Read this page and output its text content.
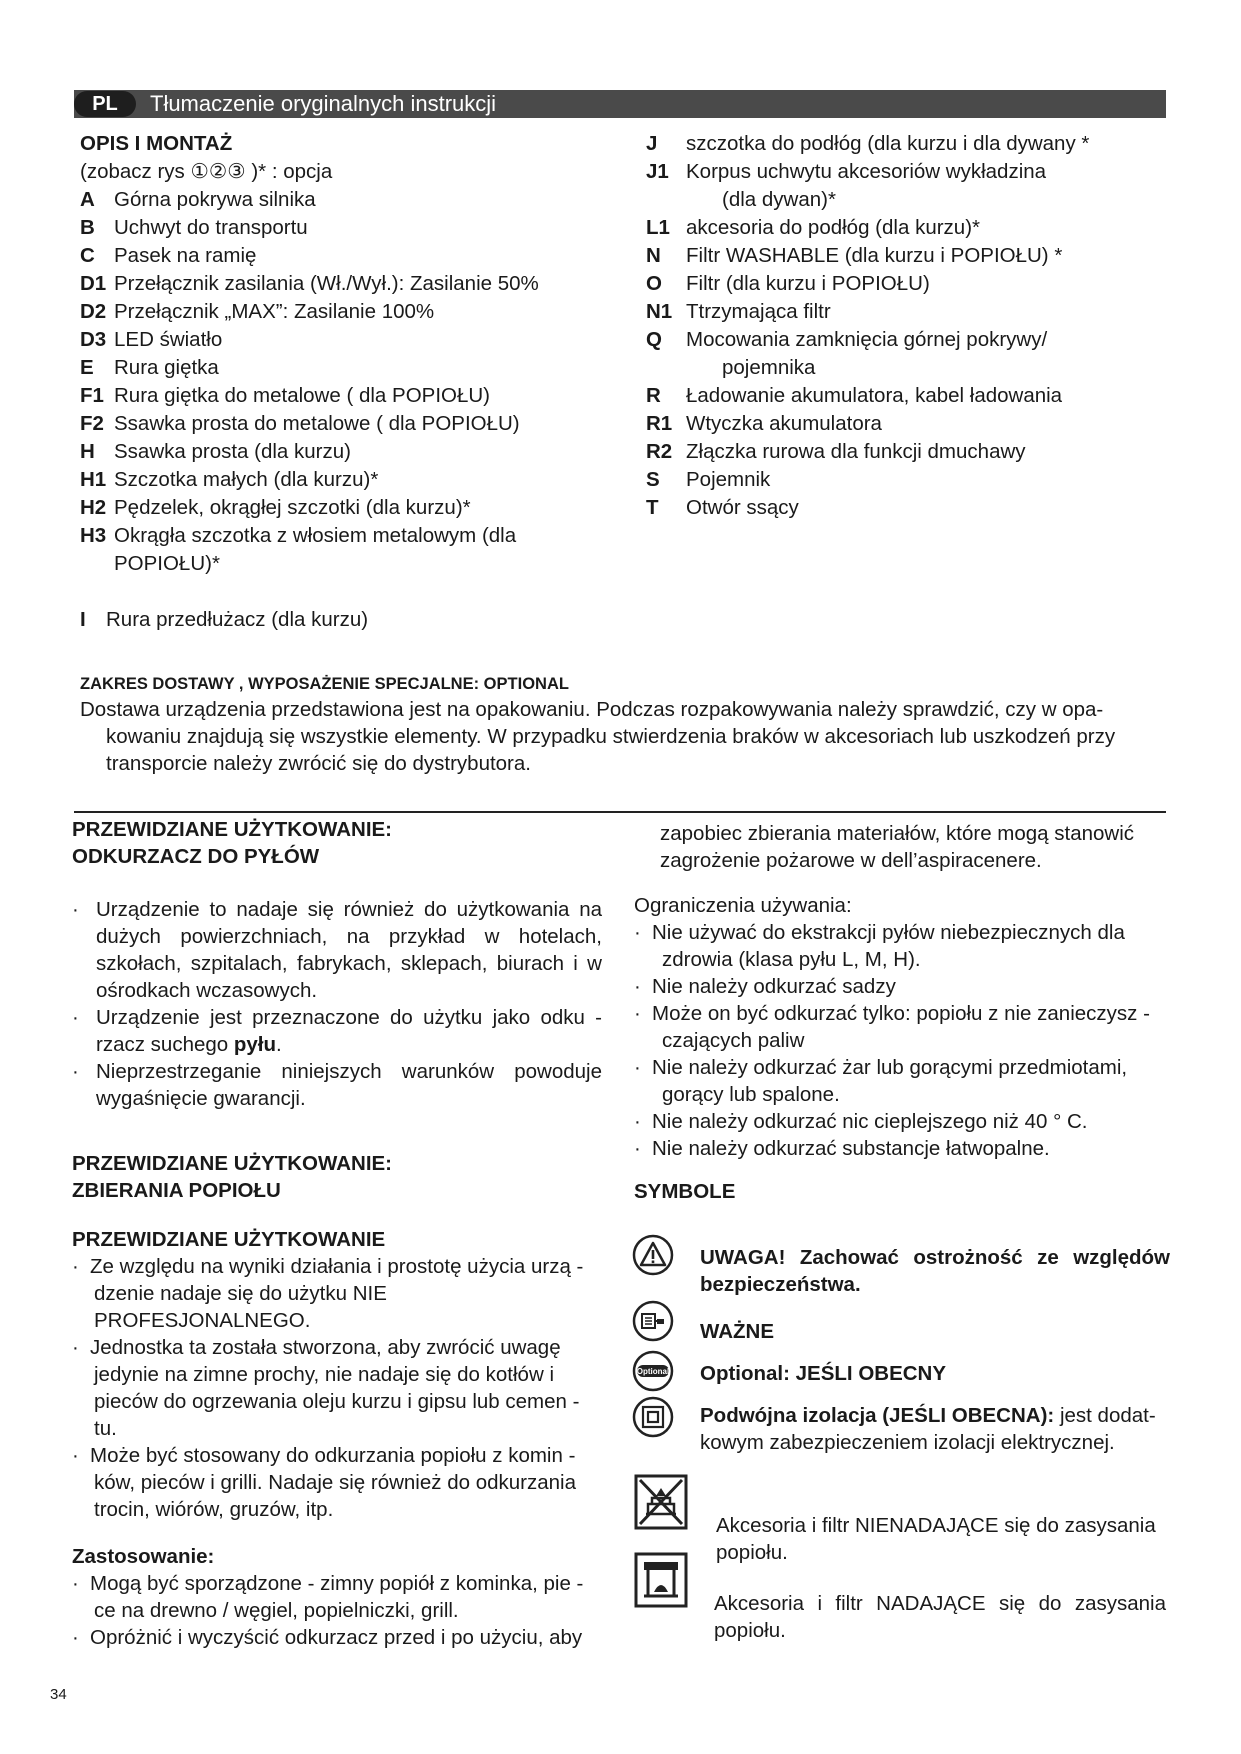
PL	Tłumaczenie oryginalnych instrukcji
OPIS I MONTAŻ
(zobacz rys ①②③ )* : opcja
A Górna pokrywa silnika
B Uchwyt do transportu
C Pasek na ramię
D1 Przełącznik zasilania (Wł./Wył.): Zasilanie 50%
D2 Przełącznik „MAX”: Zasilanie 100%
D3 LED światło
E Rura giętka
F1 Rura giętka do metalowe ( dla POPIOŁU)
F2 Ssawka prosta do metalowe ( dla POPIOŁU)
H Ssawka prosta (dla kurzu)
H1 Szczotka małych (dla kurzu)*
H2 Pędzelek, okrągłej szczotki (dla kurzu)*
H3 Okrągła szczotka z włosiem metalowym (dla
POPIOŁU)*
I Rura przedłużacz (dla kurzu)
J	szczotka do podłóg (dla kurzu i dla dywany *
J1 Korpus uchwytu akcesoriów wykładzina
(dla dywan)*
L1 akcesoria do podłóg (dla kurzu)*
N	Filtr WASHABLE (dla kurzu i POPIOŁU) *
O	Filtr (dla kurzu i POPIOŁU)
N1 Ttrzymająca filtr
Q	Mocowania zamknięcia górnej pokrywy/
pojemnika
R	Ładowanie akumulatora, kabel ładowania
R1 Wtyczka akumulatora
R2 Złączka rurowa dla funkcji dmuchawy
S	Pojemnik
T	Otwór ssący
ZAKRES DOSTAWY , WYPOSAŻENIE SPECJALNE: OPTIONAL
Dostawa urządzenia przedstawiona jest na opakowaniu. Podczas rozpakowywania należy sprawdzić, czy w opa-
kowaniu znajdują się wszystkie elementy. W przypadku stwierdzenia braków w akcesoriach lub uszkodzeń przy
transporcie należy zwrócić się do dystrybutora.
PRZEWIDZIANE UŻYTKOWANIE:
ODKURZACZ DO PYŁÓW
· Urządzenie to nadaje się również do użytkowania na dużych powierzchniach, na przykład w hotelach, szkołach, szpitalach, fabrykach, sklepach, biurach i w ośrodkach wczasowych.
· Urządzenie jest przeznaczone do użytku jako odku - rzacz suchego pyłu.
· Nieprzestrzeganie niniejszych warunków powoduje wygaśnięcie gwarancji.
PRZEWIDZIANE UŻYTKOWANIE:
ZBIERANIA POPIOŁU
PRZEWIDZIANE UŻYTKOWANIE
· Ze względu na wyniki działania i prostotę użycia urzą -
dzenie nadaje się do użytku NIE PROFESJONALNEGO.
· Jednostka ta została stworzona, aby zwrócić uwagę
jedynie na zimne prochy, nie nadaje się do kotłów i
pieców do ogrzewania oleju kurzu i gipsu lub cemen -
tu.
· Może być stosowany do odkurzania popiołu z komin -
ków, pieców i grilli. Nadaje się również do odkurzania
trocin, wiórów, gruzów, itp.
Zastosowanie:
· Mogą być sporządzone - zimny popiół z kominka, pie -
ce na drewno / węgiel, popielniczki, grill.
· Opróżnić i wyczyścić odkurzacz przed i po użyciu, aby
zapobiec zbierania materiałów, które mogą stanowić
zagrożenie pożarowe w dell’aspiracenere.
Ograniczenia używania:
· Nie używać do ekstrakcji pyłów niebezpiecznych dla
zdrowia (klasa pyłu L, M, H).
· Nie należy odkurzać sadzy
· Może on być odkurzać tylko: popiołu z nie zanieczysz -
czających paliw
· Nie należy odkurzać żar lub gorącymi przedmiotami,
gorący lub spalone.
· Nie należy odkurzać nic cieplejszego niż 40 ° C.
· Nie należy odkurzać substancje łatwopalne.
SYMBOLE
UWAGA! Zachować ostrożność ze względów
bezpieczeństwa.
WAŻNE
Optional Optional: JEŚLI OBECNY
Podwójna izolacja (JEŚLI OBECNA): jest dodat-
kowym zabezpieczeniem izolacji elektrycznej.
Akcesoria i filtr NIENADAJĄCE się do zasysania
popiołu.
Akcesoria i filtr NADAJĄCE się do zasysania
popiołu.
34
